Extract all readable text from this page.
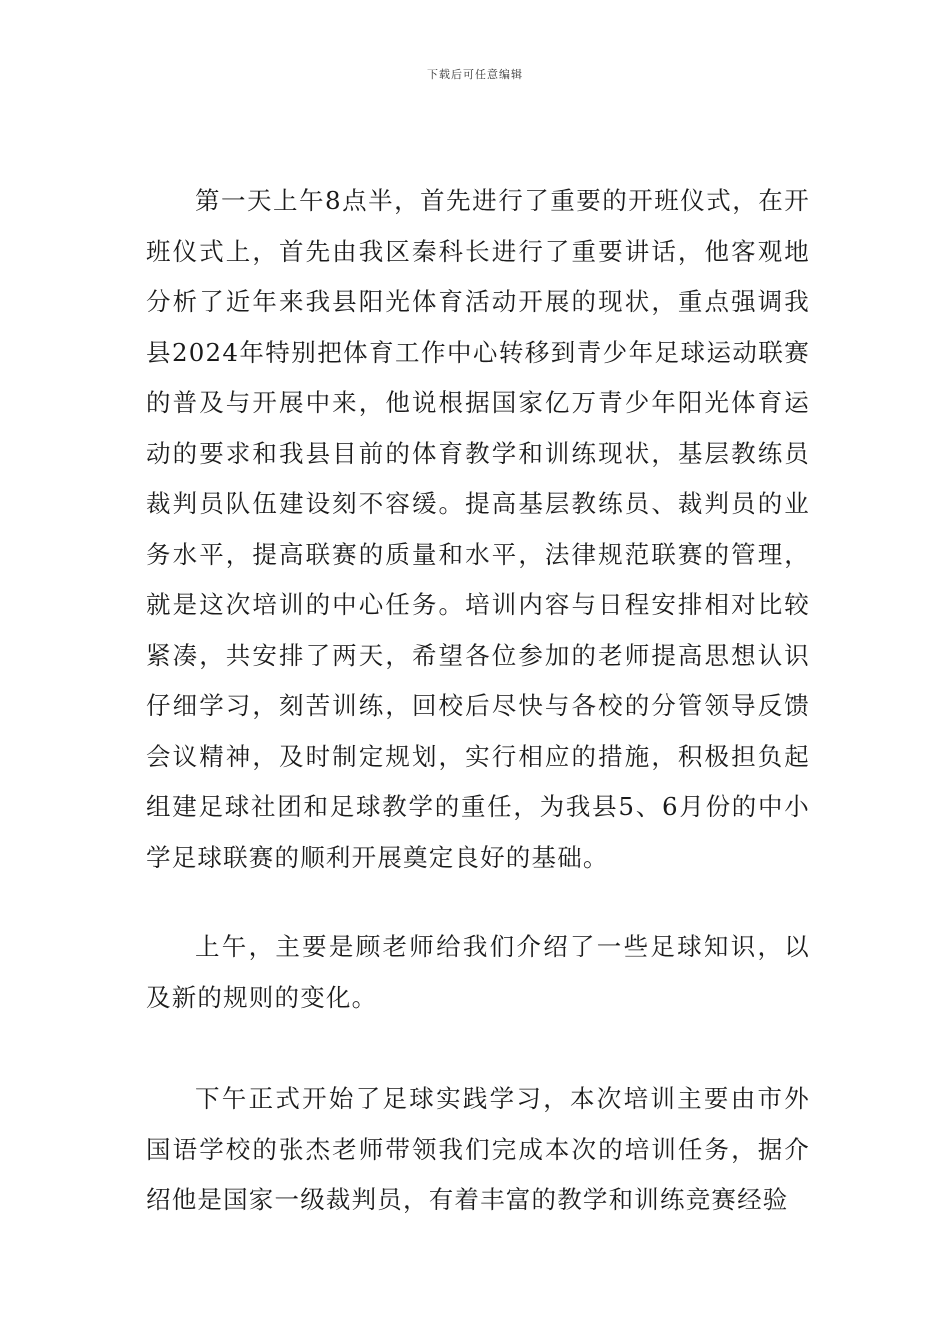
下载后可任意编辑

第一天上午8点半，首先进行了重要的开班仪式，在开班仪式上，首先由我区秦科长进行了重要讲话，他客观地分析了近年来我县阳光体育活动开展的现状，重点强调我县2024年特别把体育工作中心转移到青少年足球运动联赛的普及与开展中来，他说根据国家亿万青少年阳光体育运动的要求和我县目前的体育教学和训练现状，基层教练员裁判员队伍建设刻不容缓。提高基层教练员、裁判员的业务水平，提高联赛的质量和水平，法律规范联赛的管理，就是这次培训的中心任务。培训内容与日程安排相对比较紧凑，共安排了两天，希望各位参加的老师提高思想认识仔细学习，刻苦训练，回校后尽快与各校的分管领导反馈会议精神，及时制定规划，实行相应的措施，积极担负起组建足球社团和足球教学的重任，为我县5、6月份的中小学足球联赛的顺利开展奠定良好的基础。

上午，主要是顾老师给我们介绍了一些足球知识，以及新的规则的变化。

下午正式开始了足球实践学习，本次培训主要由市外国语学校的张杰老师带领我们完成本次的培训任务，据介绍他是国家一级裁判员，有着丰富的教学和训练竞赛经验
